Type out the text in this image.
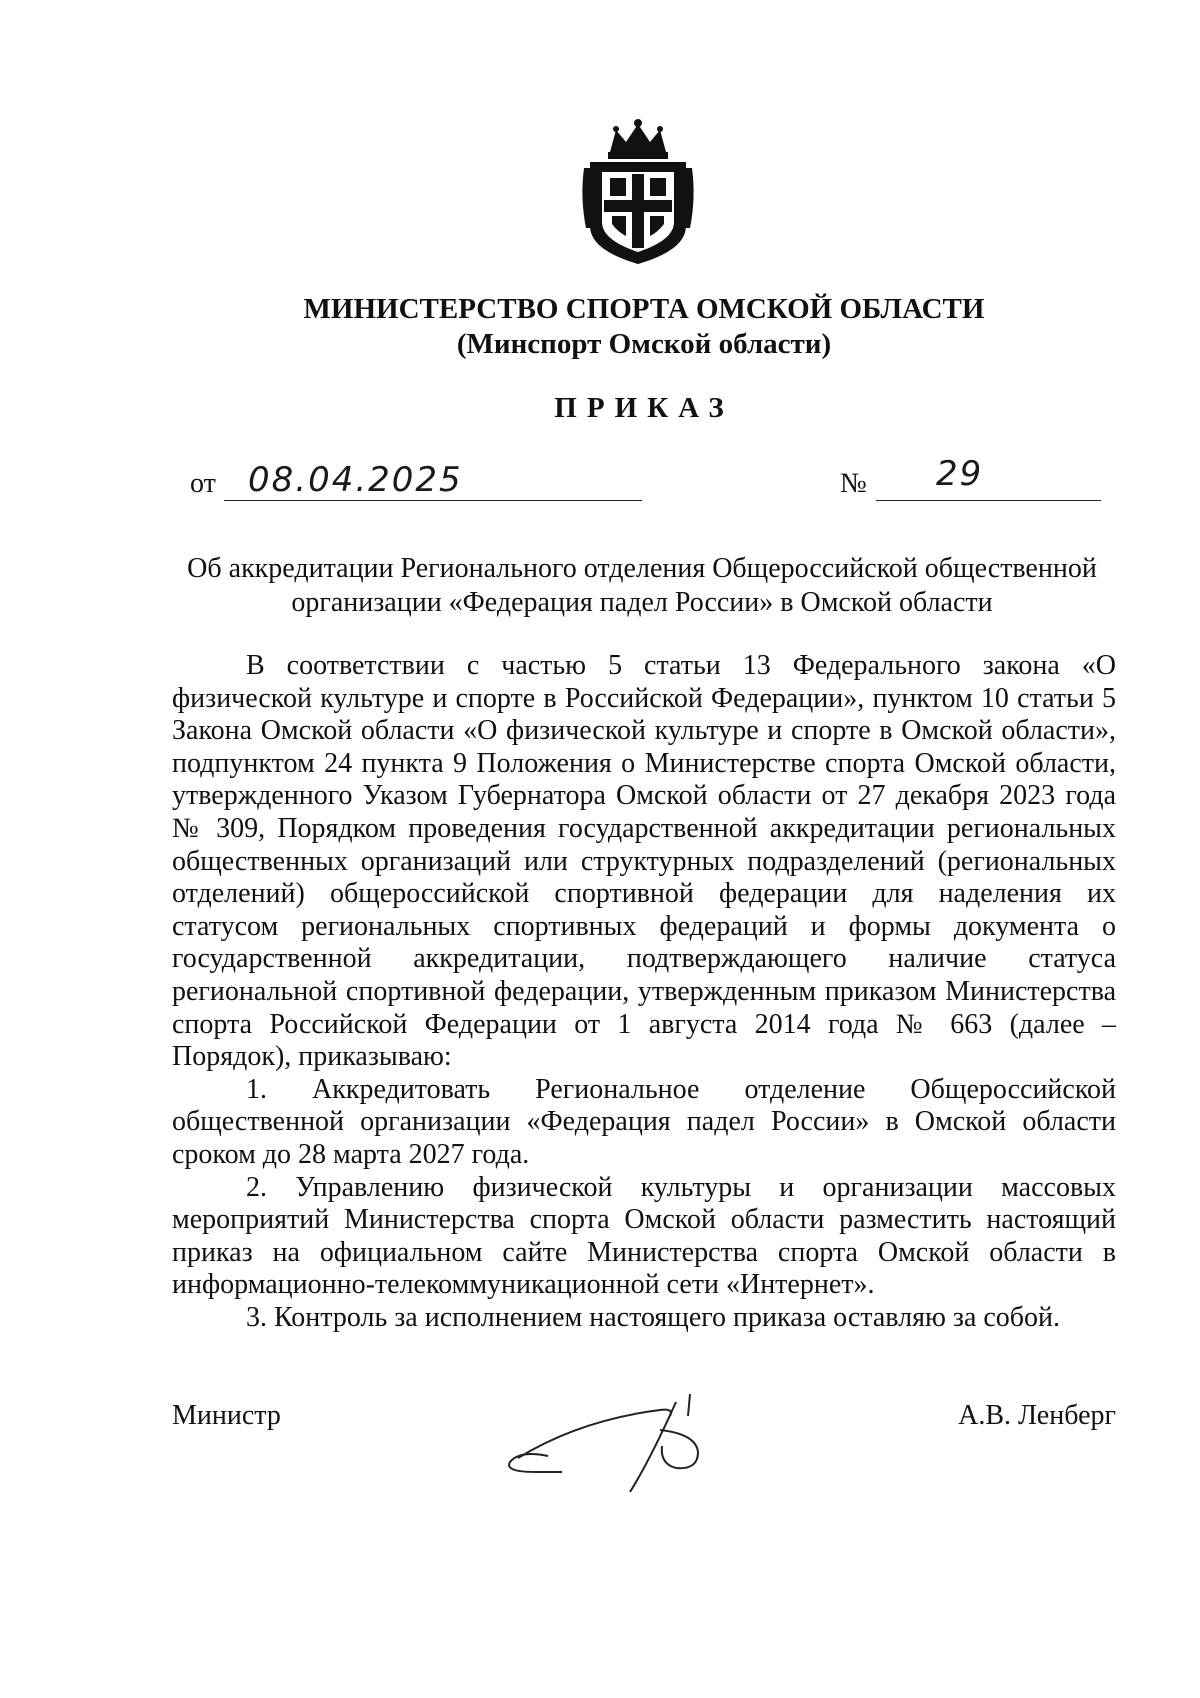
МИНИСТЕРСТВО СПОРТА ОМСКОЙ ОБЛАСТИ
(Минспорт Омской области)
ПРИКАЗ
от 08.04.2025	№ 29
Об аккредитации Регионального отделения Общероссийской общественной организации «Федерация падел России» в Омской области

В соответствии с частью 5 статьи 13 Федерального закона «О физической культуре и спорте в Российской Федерации», пунктом 10 статьи 5 Закона Омской области «О физической культуре и спорте в Омской области», подпунктом 24 пункта 9 Положения о Министерстве спорта Омской области, утвержденного Указом Губернатора Омской области от 27 декабря 2023 года № 309, Порядком проведения государственной аккредитации региональных общественных организаций или структурных подразделений (региональных отделений) общероссийской спортивной федерации для наделения их статусом региональных спортивных федераций и формы документа о государственной аккредитации, подтверждающего наличие статуса региональной спортивной федерации, утвержденным приказом Министерства спорта Российской Федерации от 1 августа 2014 года № 663 (далее – Порядок), приказываю:

1. Аккредитовать Региональное отделение Общероссийской общественной организации «Федерация падел России» в Омской области сроком до 28 марта 2027 года.

2. Управлению физической культуры и организации массовых мероприятий Министерства спорта Омской области разместить настоящий приказ на официальном сайте Министерства спорта Омской области в информационно-телекоммуникационной сети «Интернет».

3. Контроль за исполнением настоящего приказа оставляю за собой.

Министр	А.В. Ленберг
